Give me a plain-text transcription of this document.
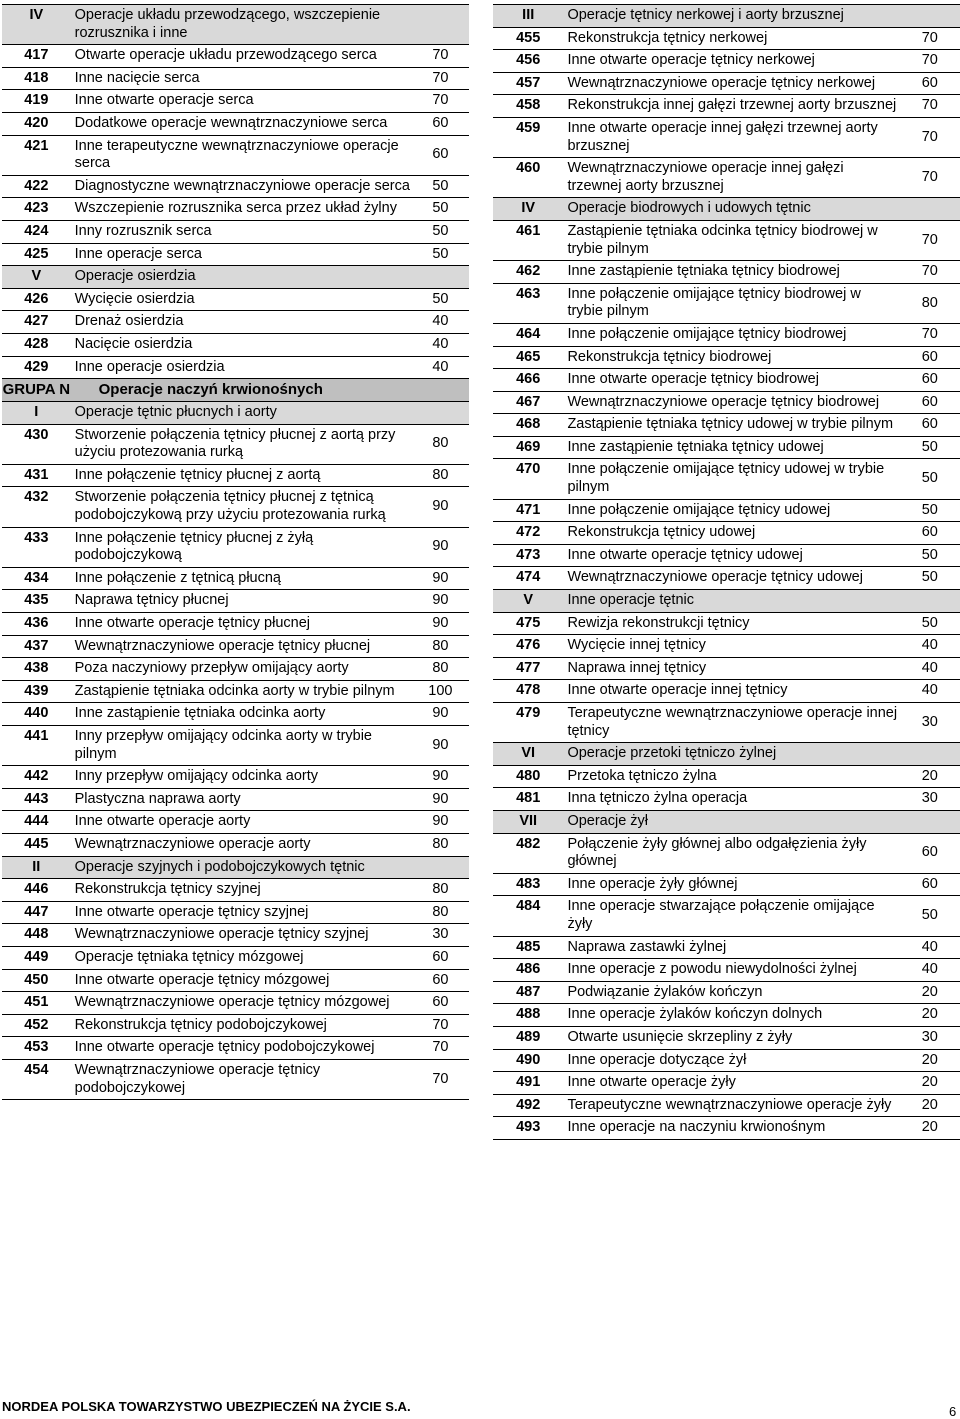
IV	Operacje układu przewodzącego, wszczepienie rozrusznika i inne	
417	Otwarte operacje układu przewodzącego serca	70
418	Inne nacięcie serca	70
419	Inne otwarte operacje serca	70
420	Dodatkowe operacje wewnątrznaczyniowe serca	60
421	Inne terapeutyczne wewnątrznaczyniowe operacje serca	60
422	Diagnostyczne wewnątrznaczyniowe operacje serca	50
423	Wszczepienie rozrusznika serca przez układ żylny	50
424	Inny rozrusznik serca	50
425	Inne operacje serca	50
V	Operacje osierdzia	
426	Wycięcie osierdzia	50
427	Drenaż osierdzia	40
428	Nacięcie osierdzia	40
429	Inne operacje osierdzia	40
GRUPA N	Operacje naczyń krwionośnych	
I	Operacje tętnic płucnych i aorty	
430	Stworzenie połączenia tętnicy płucnej z aortą przy użyciu protezowania rurką	80
431	Inne połączenie tętnicy płucnej z aortą	80
432	Stworzenie połączenia tętnicy płucnej z tętnicą podobojczykową przy użyciu protezowania rurką	90
433	Inne połączenie tętnicy płucnej z żyłą podobojczykową	90
434	Inne połączenie z tętnicą płucną	90
435	Naprawa tętnicy płucnej	90
436	Inne otwarte operacje tętnicy płucnej	90
437	Wewnątrznaczyniowe operacje tętnicy płucnej	80
438	Poza naczyniowy przepływ omijający aorty	80
439	Zastąpienie tętniaka odcinka aorty w trybie pilnym	100
440	Inne zastąpienie tętniaka odcinka aorty	90
441	Inny przepływ omijający odcinka aorty w trybie pilnym	90
442	Inny przepływ omijający odcinka aorty	90
443	Plastyczna naprawa aorty	90
444	Inne otwarte operacje aorty	90
445	Wewnątrznaczyniowe operacje aorty	80
II	Operacje szyjnych i podobojczykowych tętnic	
446	Rekonstrukcja tętnicy szyjnej	80
447	Inne otwarte operacje tętnicy szyjnej	80
448	Wewnątrznaczyniowe operacje tętnicy szyjnej	30
449	Operacje tętniaka tętnicy mózgowej	60
450	Inne otwarte operacje tętnicy mózgowej	60
451	Wewnątrznaczyniowe operacje tętnicy mózgowej	60
452	Rekonstrukcja tętnicy podobojczykowej	70
453	Inne otwarte operacje tętnicy podobojczykowej	70
454	Wewnątrznaczyniowe operacje tętnicy podobojczykowej	70
III	Operacje tętnicy nerkowej i aorty brzusznej	
455	Rekonstrukcja tętnicy nerkowej	70
456	Inne otwarte operacje tętnicy nerkowej	70
457	Wewnątrznaczyniowe operacje tętnicy nerkowej	60
458	Rekonstrukcja innej gałęzi trzewnej aorty brzusznej	70
459	Inne otwarte operacje innej gałęzi trzewnej aorty brzusznej	70
460	Wewnątrznaczyniowe operacje innej gałęzi trzewnej aorty brzusznej	70
IV	Operacje biodrowych i udowych tętnic	
461	Zastąpienie tętniaka odcinka tętnicy biodrowej w trybie pilnym	70
462	Inne zastąpienie tętniaka tętnicy biodrowej	70
463	Inne połączenie omijające tętnicy biodrowej w trybie pilnym	80
464	Inne połączenie omijające tętnicy biodrowej	70
465	Rekonstrukcja tętnicy biodrowej	60
466	Inne otwarte operacje tętnicy biodrowej	60
467	Wewnątrznaczyniowe operacje tętnicy biodrowej	60
468	Zastąpienie tętniaka tętnicy udowej w trybie pilnym	60
469	Inne zastąpienie tętniaka tętnicy udowej	50
470	Inne połączenie omijające tętnicy udowej w trybie pilnym	50
471	Inne połączenie omijające tętnicy udowej	50
472	Rekonstrukcja tętnicy udowej	60
473	Inne otwarte operacje tętnicy udowej	50
474	Wewnątrznaczyniowe operacje tętnicy udowej	50
V	Inne operacje tętnic	
475	Rewizja rekonstrukcji tętnicy	50
476	Wycięcie innej tętnicy	40
477	Naprawa innej tętnicy	40
478	Inne otwarte operacje innej tętnicy	40
479	Terapeutyczne wewnątrznaczyniowe operacje innej tętnicy	30
VI	Operacje przetoki tętniczo żylnej	
480	Przetoka tętniczo żylna	20
481	Inna tętniczo żylna operacja	30
VII	Operacje żył	
482	Połączenie żyły głównej albo odgałęzienia żyły głównej	60
483	Inne operacje żyły głównej	60
484	Inne operacje stwarzające połączenie omijające żyły	50
485	Naprawa zastawki żylnej	40
486	Inne operacje z powodu niewydolności żylnej	40
487	Podwiązanie żylaków kończyn	20
488	Inne operacje żylaków kończyn dolnych	20
489	Otwarte usunięcie skrzepliny z żyły	30
490	Inne operacje dotyczące żył	20
491	Inne otwarte operacje żyły	20
492	Terapeutyczne wewnątrznaczyniowe operacje żyły	20
493	Inne operacje na naczyniu krwionośnym	20
NORDEA POLSKA TOWARZYSTWO UBEZPIECZEŃ NA ŻYCIE S.A.	6
